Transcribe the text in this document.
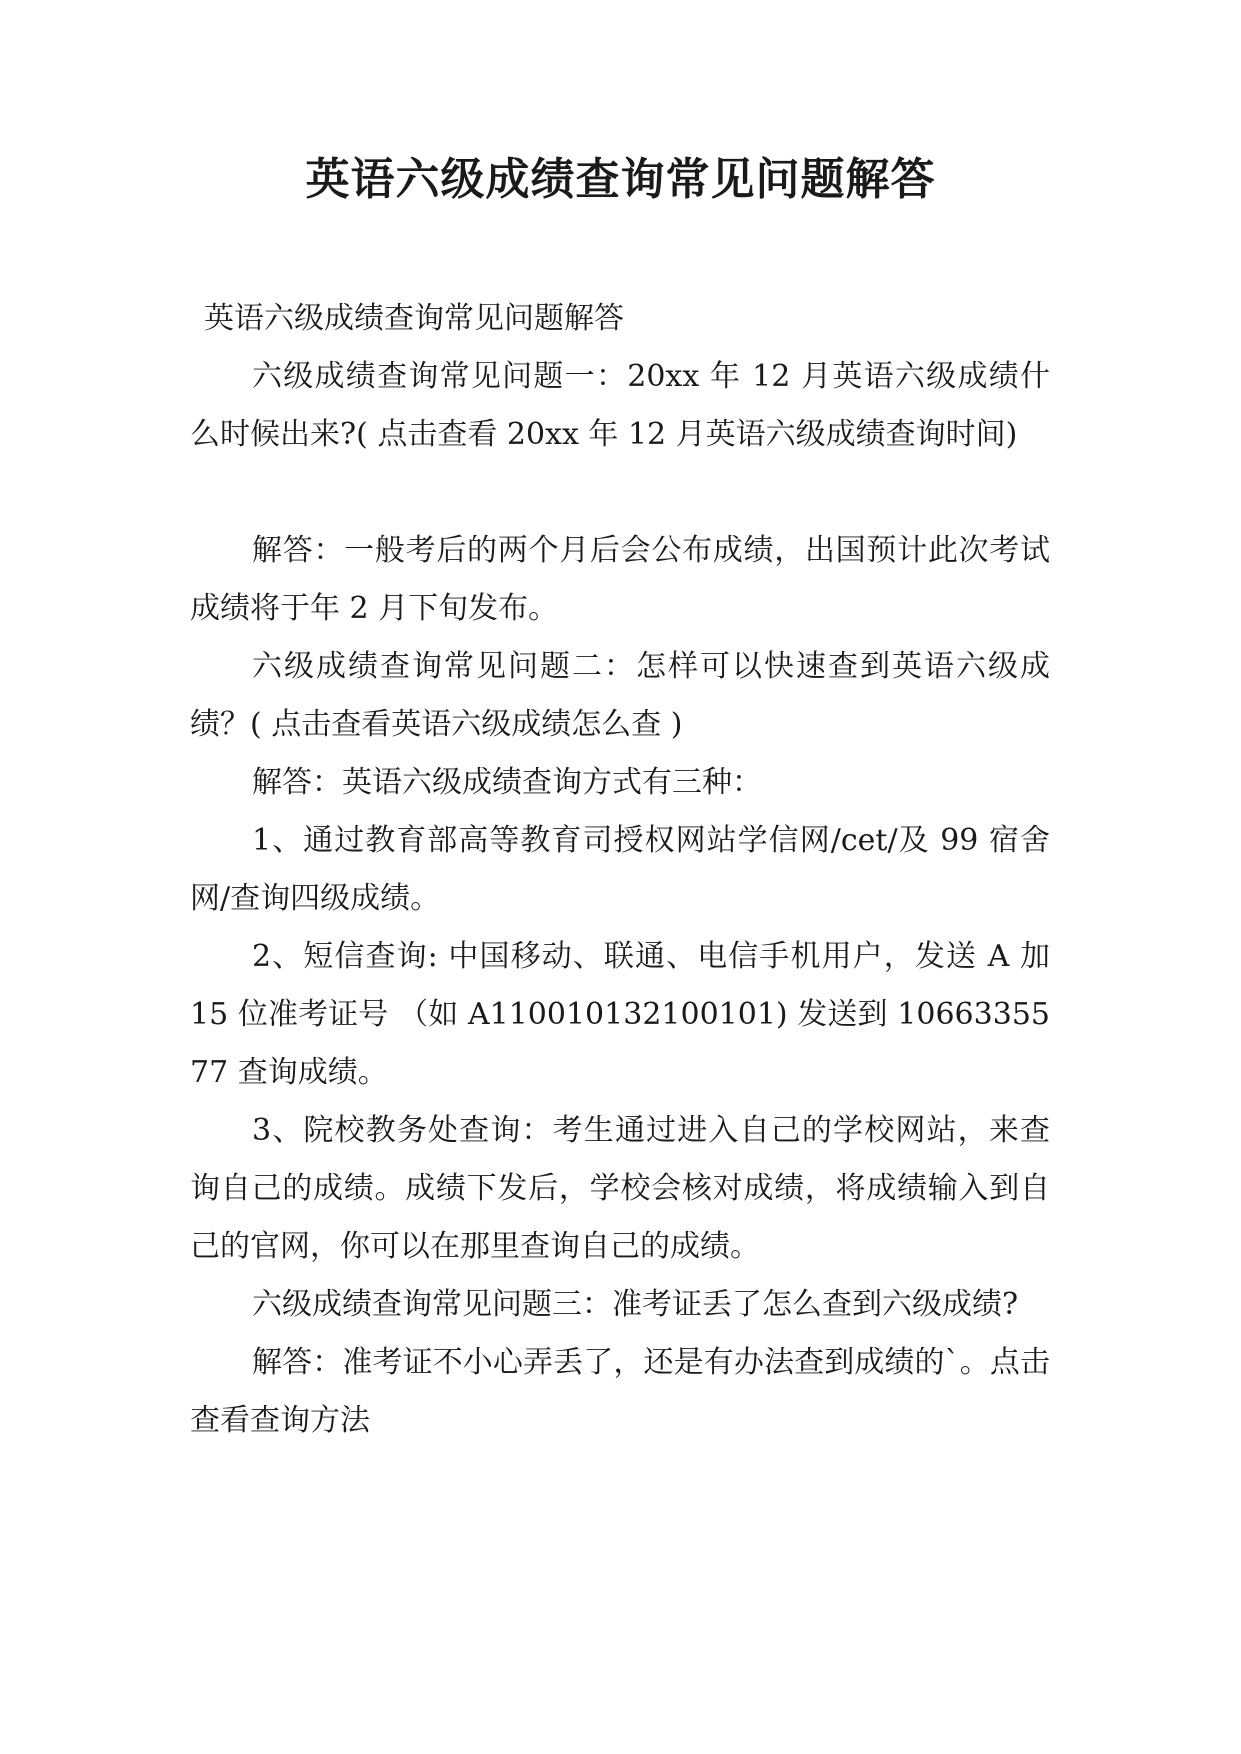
英语六级成绩查询常见问题解答

英语六级成绩查询常见问题解答

六级成绩查询常见问题一：20xx 年 12 月英语六级成绩什么时候出来?( 点击查看 20xx 年 12 月英语六级成绩查询时间)

解答：一般考后的两个月后会公布成绩，出国预计此次考试成绩将于年 2 月下旬发布。

六级成绩查询常见问题二：怎样可以快速查到英语六级成绩？( 点击查看英语六级成绩怎么查 )

解答：英语六级成绩查询方式有三种：

1、通过教育部高等教育司授权网站学信网/cet/及 99 宿舍网/查询四级成绩。

2、短信查询: 中国移动、联通、电信手机用户，发送 A 加 15 位准考证号 （如 A110010132100101) 发送到 1066335577 查询成绩。

3、院校教务处查询：考生通过进入自己的学校网站，来查询自己的成绩。成绩下发后，学校会核对成绩，将成绩输入到自己的官网，你可以在那里查询自己的成绩。

六级成绩查询常见问题三：准考证丢了怎么查到六级成绩?

解答：准考证不小心弄丢了，还是有办法查到成绩的`。点击查看查询方法
